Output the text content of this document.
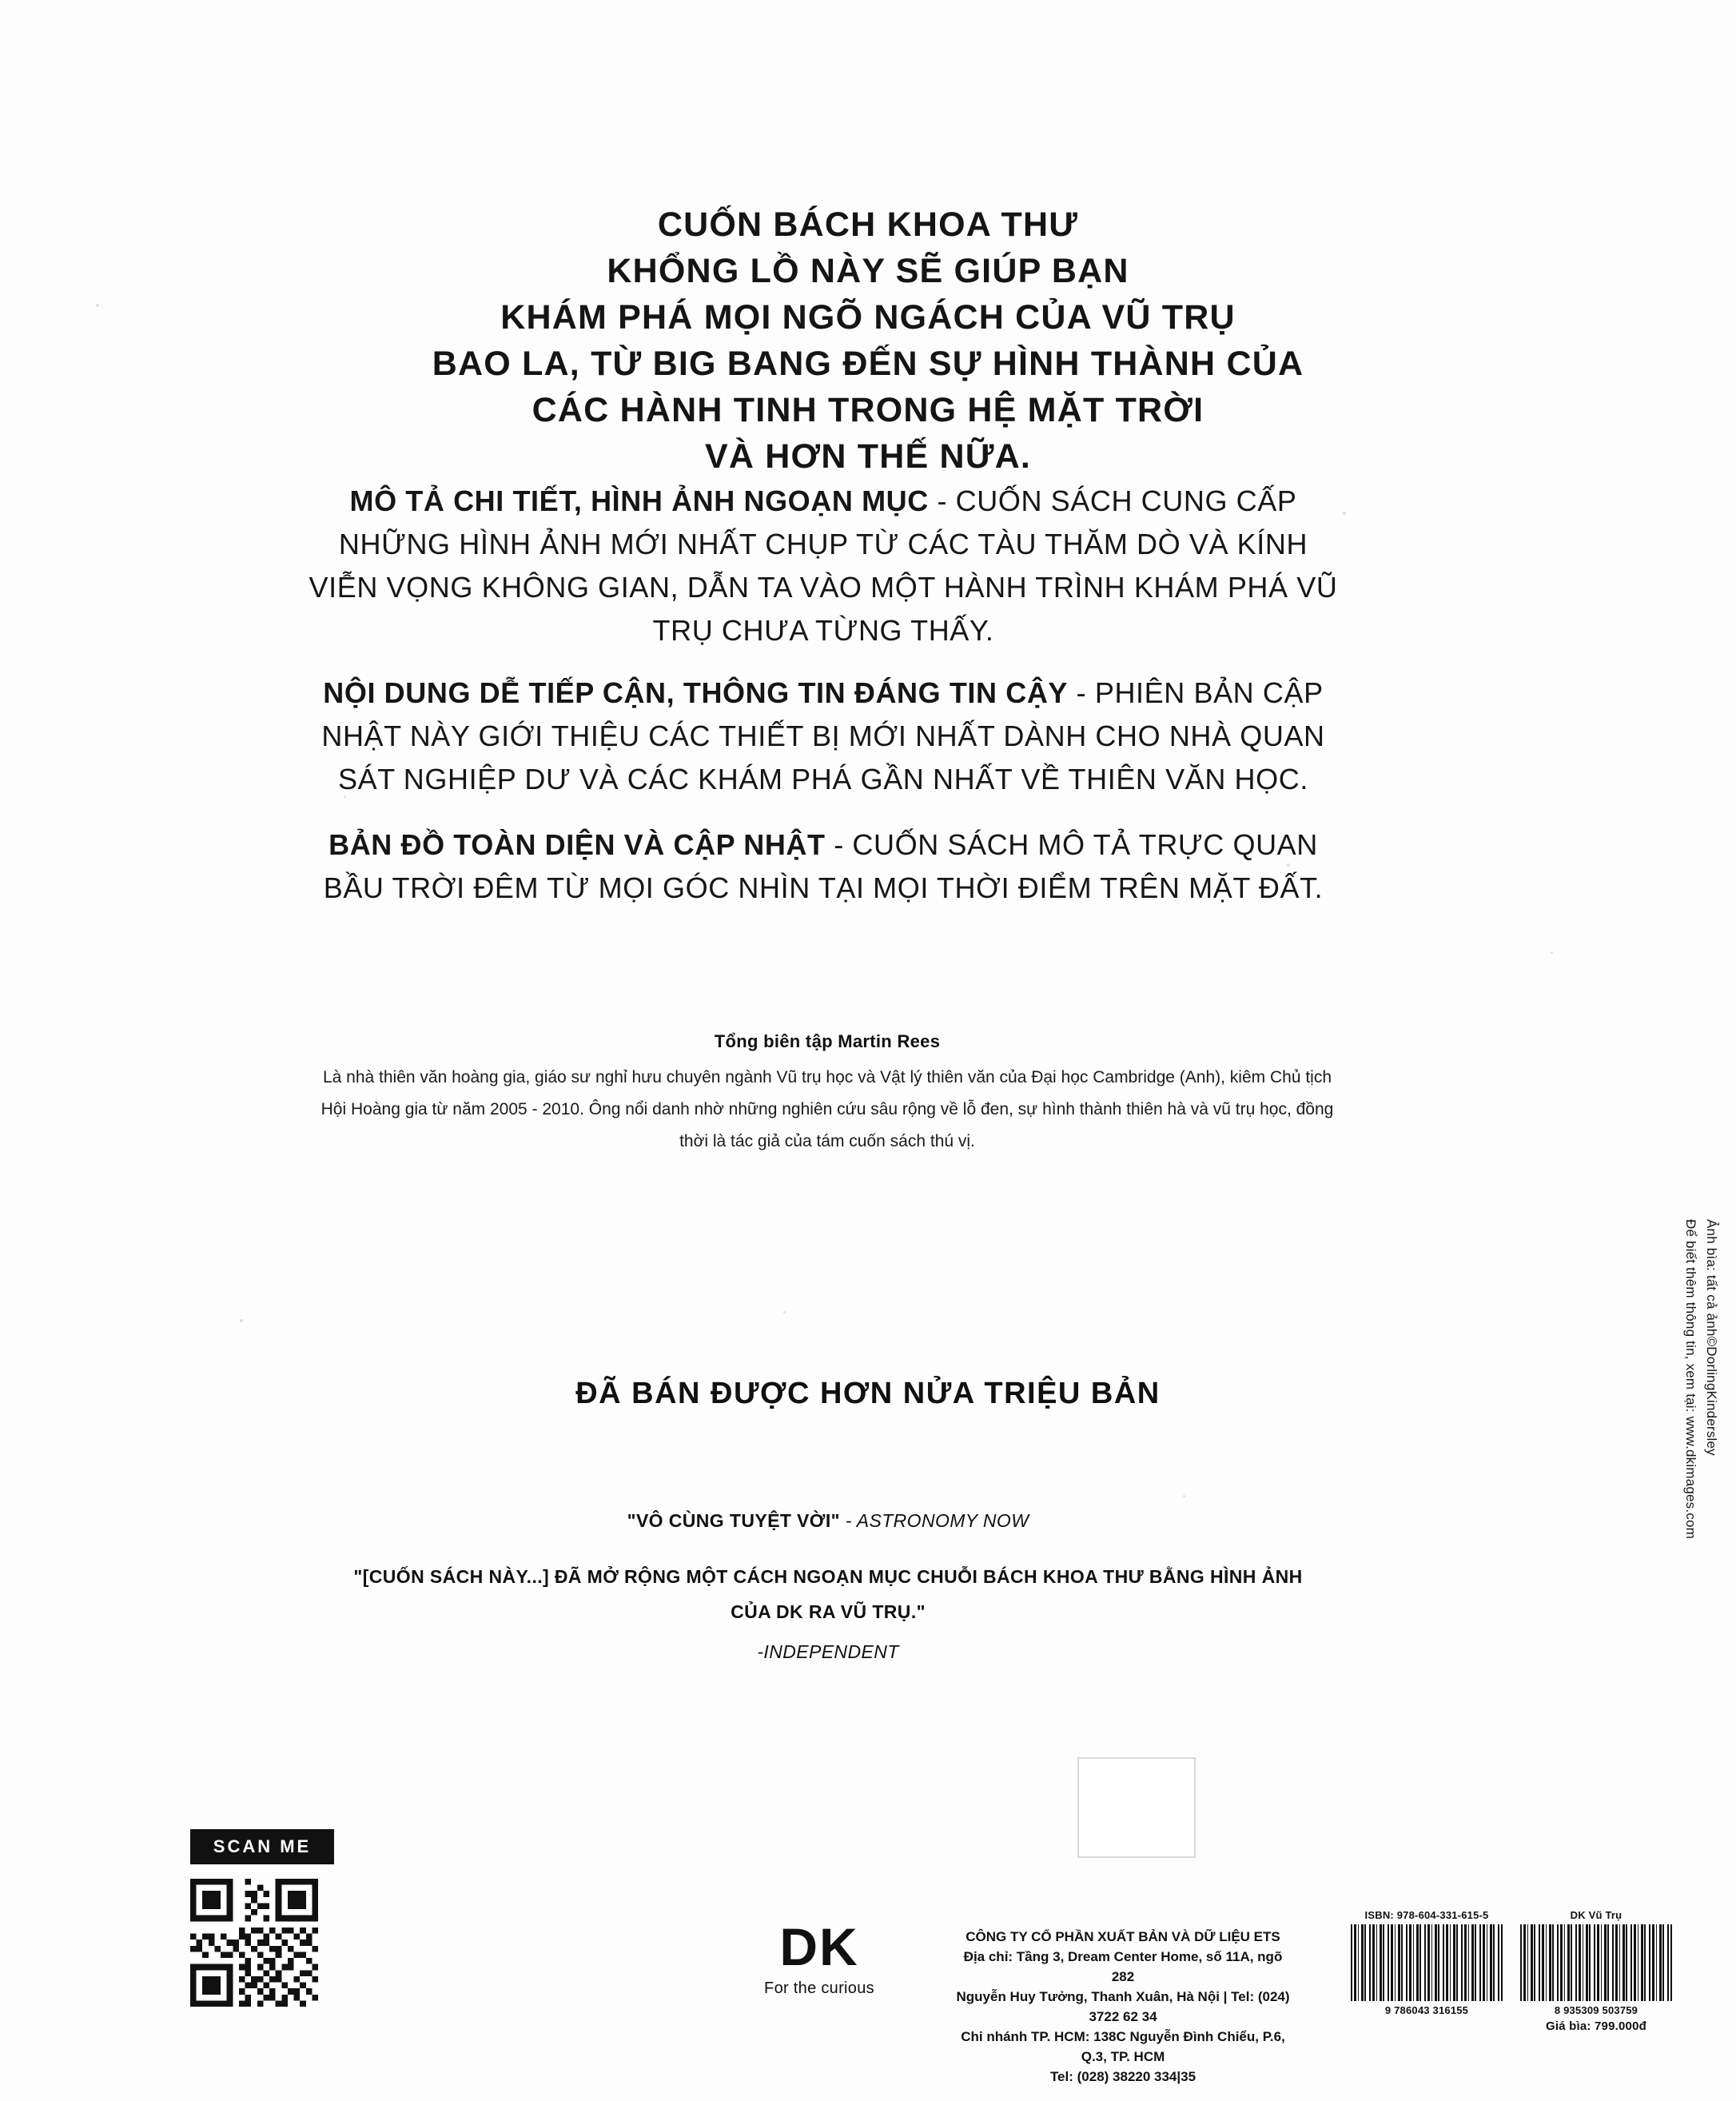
CUỐN BÁCH KHOA THƯ
KHỔNG LỒ NÀY SẼ GIÚP BẠN
KHÁM PHÁ MỌI NGÕ NGÁCH CỦA VŨ TRỤ
BAO LA, TỪ BIG BANG ĐẾN SỰ HÌNH THÀNH CỦA
CÁC HÀNH TINH TRONG HỆ MẶT TRỜI
VÀ HƠN THẾ NỮA.
MÔ TẢ CHI TIẾT, HÌNH ẢNH NGOẠN MỤC - CUỐN SÁCH CUNG CẤP NHỮNG HÌNH ẢNH MỚI NHẤT CHỤP TỪ CÁC TÀU THĂM DÒ VÀ KÍNH VIỄN VỌNG KHÔNG GIAN, DẪN TA VÀO MỘT HÀNH TRÌNH KHÁM PHÁ VŨ TRỤ CHƯA TỪNG THẤY.
NỘI DUNG DỄ TIẾP CẬN, THÔNG TIN ĐÁNG TIN CẬY - PHIÊN BẢN CẬP NHẬT NÀY GIỚI THIỆU CÁC THIẾT BỊ MỚI NHẤT DÀNH CHO NHÀ QUAN SÁT NGHIỆP DƯ VÀ CÁC KHÁM PHÁ GẦN NHẤT VỀ THIÊN VĂN HỌC.
BẢN ĐỒ TOÀN DIỆN VÀ CẬP NHẬT - CUỐN SÁCH MÔ TẢ TRỰC QUAN BẦU TRỜI ĐÊM TỪ MỌI GÓC NHÌN TẠI MỌI THỜI ĐIỂM TRÊN MẶT ĐẤT.
Tổng biên tập Martin Rees
Là nhà thiên văn hoàng gia, giáo sư nghỉ hưu chuyên ngành Vũ trụ học và Vật lý thiên văn của Đại học Cambridge (Anh), kiêm Chủ tịch Hội Hoàng gia từ năm 2005 - 2010. Ông nổi danh nhờ những nghiên cứu sâu rộng về lỗ đen, sự hình thành thiên hà và vũ trụ học, đồng thời là tác giả của tám cuốn sách thú vị.
ĐÃ BÁN ĐƯỢC HƠN NỬA TRIỆU BẢN
"VÔ CÙNG TUYỆT VỜI" - ASTRONOMY NOW
"[CUỐN SÁCH NÀY...] ĐÃ MỞ RỘNG MỘT CÁCH NGOẠN MỤC CHUỖI BÁCH KHOA THƯ BẰNG HÌNH ẢNH CỦA DK RA VŨ TRỤ."
-INDEPENDENT
Ảnh bìa: tất cả ảnh©DorlingKindersley
Để biết thêm thông tin, xem tại: www.dkimages.com
SCAN ME
DK
For the curious
CÔNG TY CỔ PHẦN XUẤT BẢN VÀ DỮ LIỆU ETS
Địa chỉ: Tầng 3, Dream Center Home, số 11A, ngõ 282
Nguyễn Huy Tưởng, Thanh Xuân, Hà Nội | Tel: (024) 3722 62 34
Chi nhánh TP. HCM: 138C Nguyễn Đình Chiểu, P.6, Q.3, TP. HCM
Tel: (028) 38220 334|35
ISBN: 978-604-331-615-5
9 786043 316155
DK Vũ Trụ
8 935309 503759
Giá bìa: 799.000đ
